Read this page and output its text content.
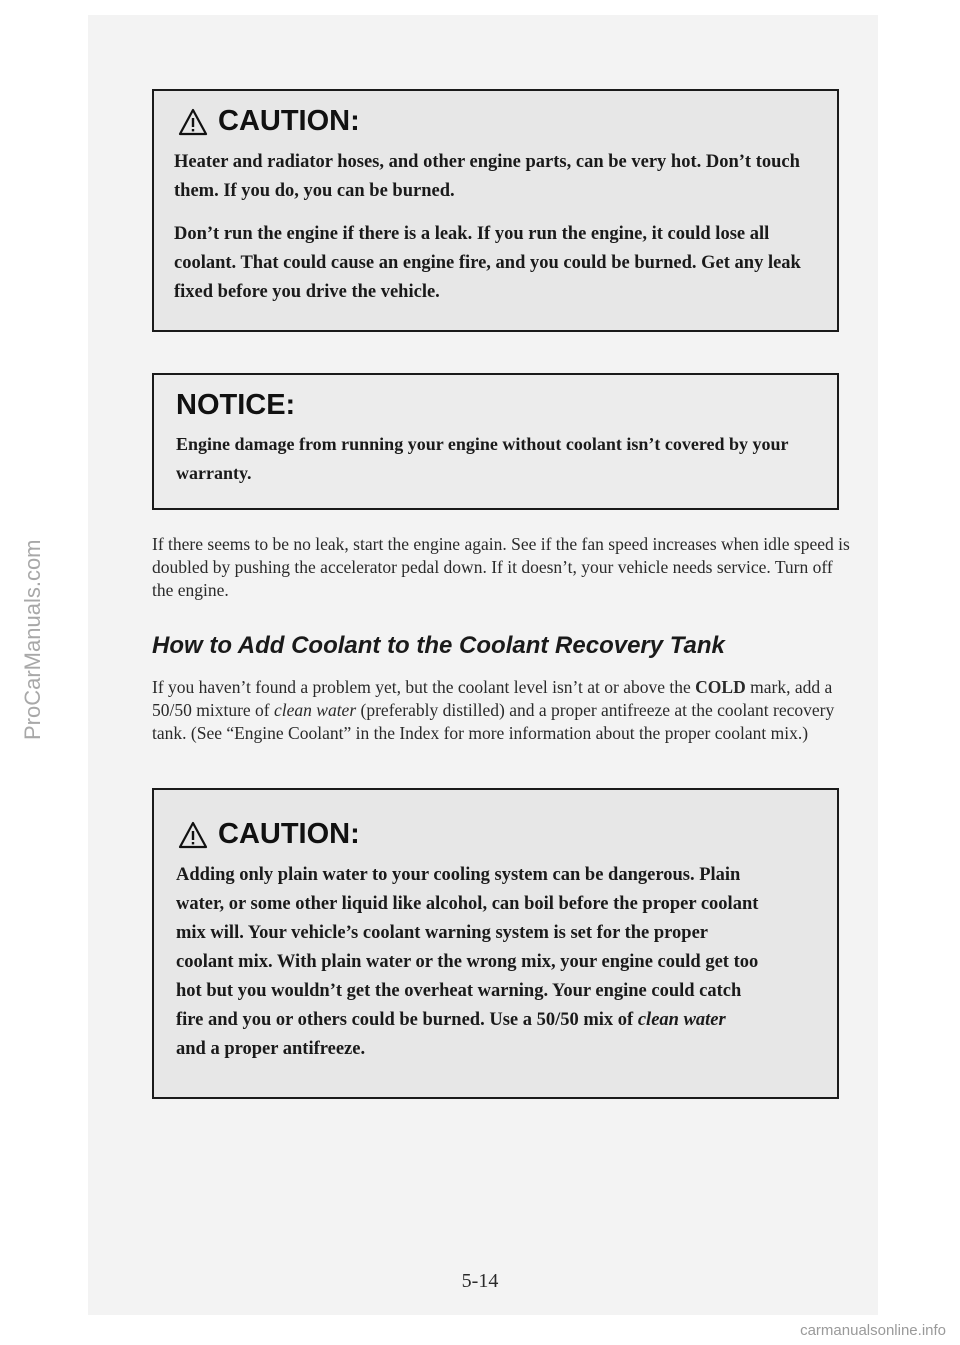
ProCarManuals.com
CAUTION:

Heater and radiator hoses, and other engine parts, can be very hot. Don’t touch them. If you do, you can be burned.

Don’t run the engine if there is a leak. If you run the engine, it could lose all coolant. That could cause an engine fire, and you could be burned. Get any leak fixed before you drive the vehicle.

NOTICE:

Engine damage from running your engine without coolant isn’t covered by your warranty.

If there seems to be no leak, start the engine again. See if the fan speed increases when idle speed is doubled by pushing the accelerator pedal down. If it doesn’t, your vehicle needs service. Turn off the engine.

How to Add Coolant to the Coolant Recovery Tank

If you haven’t found a problem yet, but the coolant level isn’t at or above the COLD mark, add a 50/50 mixture of clean water (preferably distilled) and a proper antifreeze at the coolant recovery tank. (See “Engine Coolant” in the Index for more information about the proper coolant mix.)

CAUTION:

Adding only plain water to your cooling system can be dangerous. Plain water, or some other liquid like alcohol, can boil before the proper coolant mix will. Your vehicle’s coolant warning system is set for the proper coolant mix. With plain water or the wrong mix, your engine could get too hot but you wouldn’t get the overheat warning. Your engine could catch fire and you or others could be burned. Use a 50/50 mix of clean water and a proper antifreeze.

5-14
carmanualsonline.info
